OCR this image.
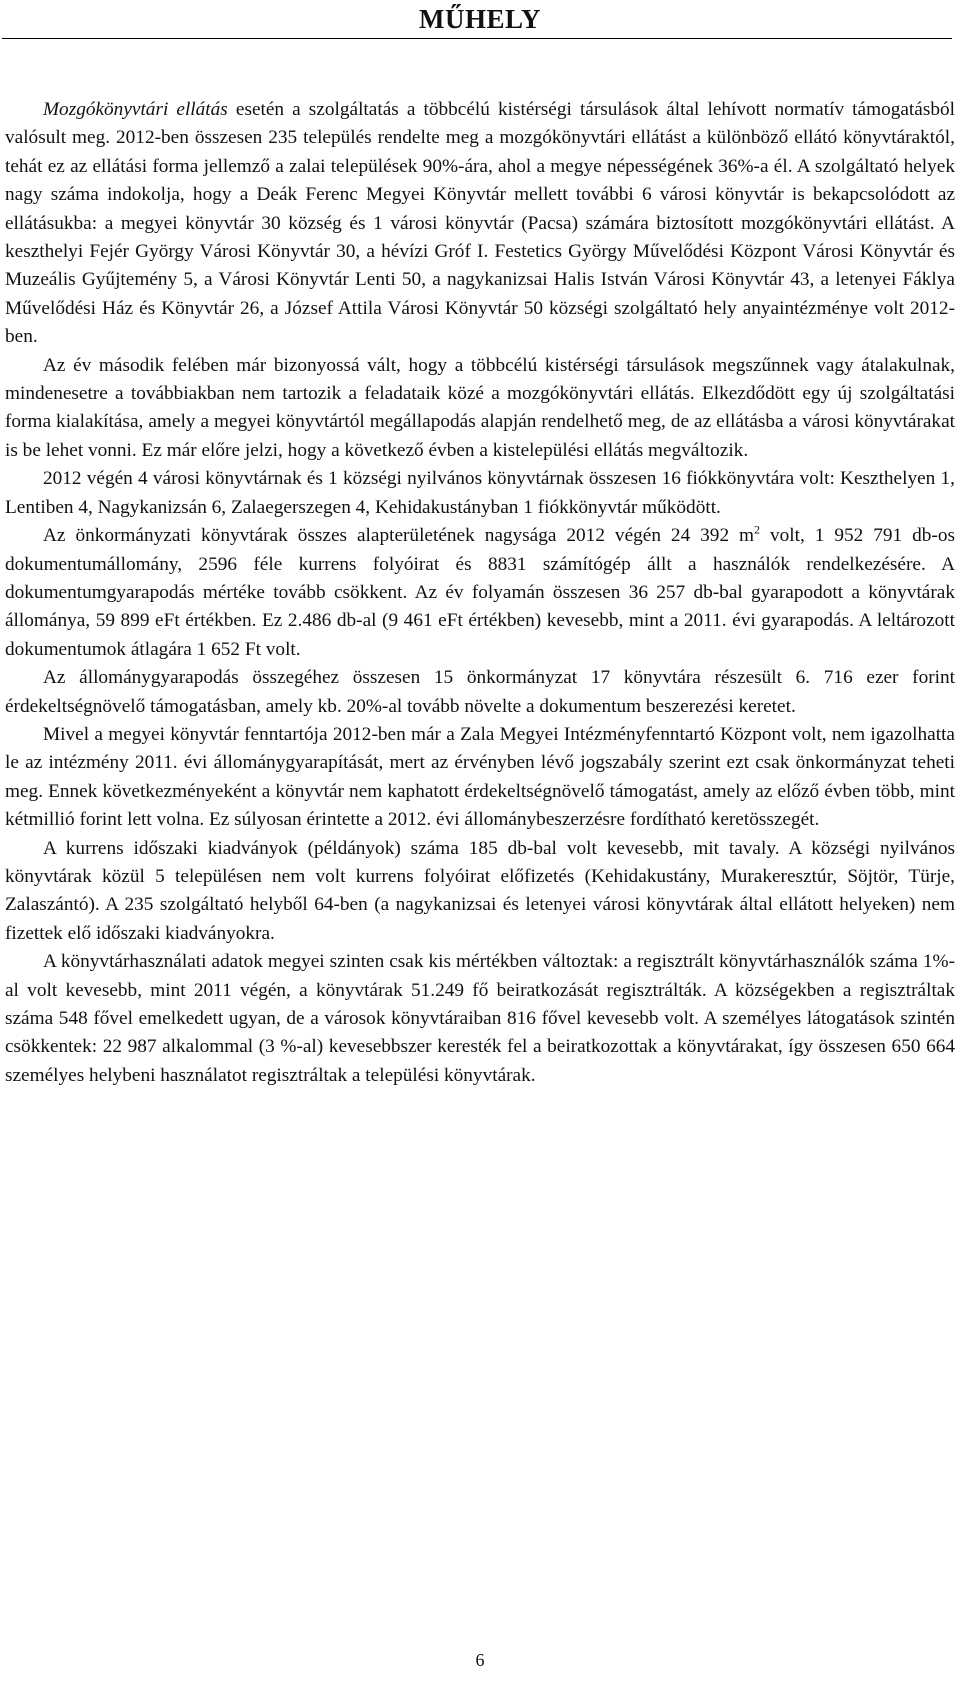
MŰHELY

Mozgókönyvtári ellátás esetén a szolgáltatás a többcélú kistérségi társulások által lehívott normatív támogatásból valósult meg. 2012-ben összesen 235 település rendelte meg a mozgókönyvtári ellátást a különböző ellátó könyvtáraktól, tehát ez az ellátási forma jellemző a zalai települések 90%-ára, ahol a megye népességének 36%-a él. A szolgáltató helyek nagy száma indokolja, hogy a Deák Ferenc Megyei Könyvtár mellett további 6 városi könyvtár is bekapcsolódott az ellátásukba: a megyei könyvtár 30 község és 1 városi könyvtár (Pacsa) számára biztosított mozgókönyvtári ellátást. A keszthelyi Fejér György Városi Könyvtár 30, a hévízi Gróf I. Festetics György Művelődési Központ Városi Könyvtár és Muzeális Gyűjtemény 5, a Városi Könyvtár Lenti 50, a nagykanizsai Halis István Városi Könyvtár 43, a letenyei Fáklya Művelődési Ház és Könyvtár 26, a József Attila Városi Könyvtár 50 községi szolgáltató hely anyaintézménye volt 2012-ben.

Az év második felében már bizonyossá vált, hogy a többcélú kistérségi társulások megszűnnek vagy átalakulnak, mindenesetre a továbbiakban nem tartozik a feladataik közé a mozgókönyvtári ellátás. Elkezdődött egy új szolgáltatási forma kialakítása, amely a megyei könyvtártól megállapodás alapján rendelhető meg, de az ellátásba a városi könyvtárakat is be lehet vonni. Ez már előre jelzi, hogy a következő évben a kistelepülési ellátás megváltozik.

2012 végén 4 városi könyvtárnak és 1 községi nyilvános könyvtárnak összesen 16 fiókkönyvtára volt: Keszthelyen 1, Lentiben 4, Nagykanizsán 6, Zalaegerszegen 4, Kehidakustányban 1 fiókkönyvtár működött.

Az önkormányzati könyvtárak összes alapterületének nagysága 2012 végén 24 392 $m^2$ volt, 1 952 791 db-os dokumentumállomány, 2596 féle kurrens folyóirat és 8831 számítógép állt a használók rendelkezésére. A dokumentumgyarapodás mértéke tovább csökkent. Az év folyamán összesen 36 257 db-bal gyarapodott a könyvtárak állománya, 59 899 eFt értékben. Ez 2.486 db-al (9 461 eFt értékben) kevesebb, mint a 2011. évi gyarapodás. A leltározott dokumentumok átlagára 1 652 Ft volt.

Az állománygyarapodás összegéhez összesen 15 önkormányzat 17 könyvtára részesült 6. 716 ezer forint érdekeltségnövelő támogatásban, amely kb. 20%-al tovább növelte a dokumentum beszerezési keretet.

Mivel a megyei könyvtár fenntartója 2012-ben már a Zala Megyei Intézményfenntartó Központ volt, nem igazolhatta le az intézmény 2011. évi állománygyarapítását, mert az érvényben lévő jogszabály szerint ezt csak önkormányzat teheti meg. Ennek következményeként a könyvtár nem kaphatott érdekeltségnövelő támogatást, amely az előző évben több, mint kétmillió forint lett volna. Ez súlyosan érintette a 2012. évi állománybeszerzésre fordítható keretösszegét.

A kurrens időszaki kiadványok (példányok) száma 185 db-bal volt kevesebb, mit tavaly. A községi nyilvános könyvtárak közül 5 településen nem volt kurrens folyóirat előfizetés (Kehidakustány, Murakeresztúr, Söjtör, Türje, Zalaszántó). A 235 szolgáltató helyből 64-ben (a nagykanizsai és letenyei városi könyvtárak által ellátott helyeken) nem fizettek elő időszaki kiadványokra.

A könyvtárhasználati adatok megyei szinten csak kis mértékben változtak: a regisztrált könyvtárhasználók száma 1%-al volt kevesebb, mint 2011 végén, a könyvtárak 51.249 fő beiratkozását regisztrálták. A községekben a regisztráltak száma 548 fővel emelkedett ugyan, de a városok könyvtáraiban 816 fővel kevesebb volt. A személyes látogatások szintén csökkentek: 22 987 alkalommal (3 %-al) kevesebbszer keresték fel a beiratkozottak a könyvtárakat, így összesen 650 664 személyes helybeni használatot regisztráltak a települési könyvtárak.

6
